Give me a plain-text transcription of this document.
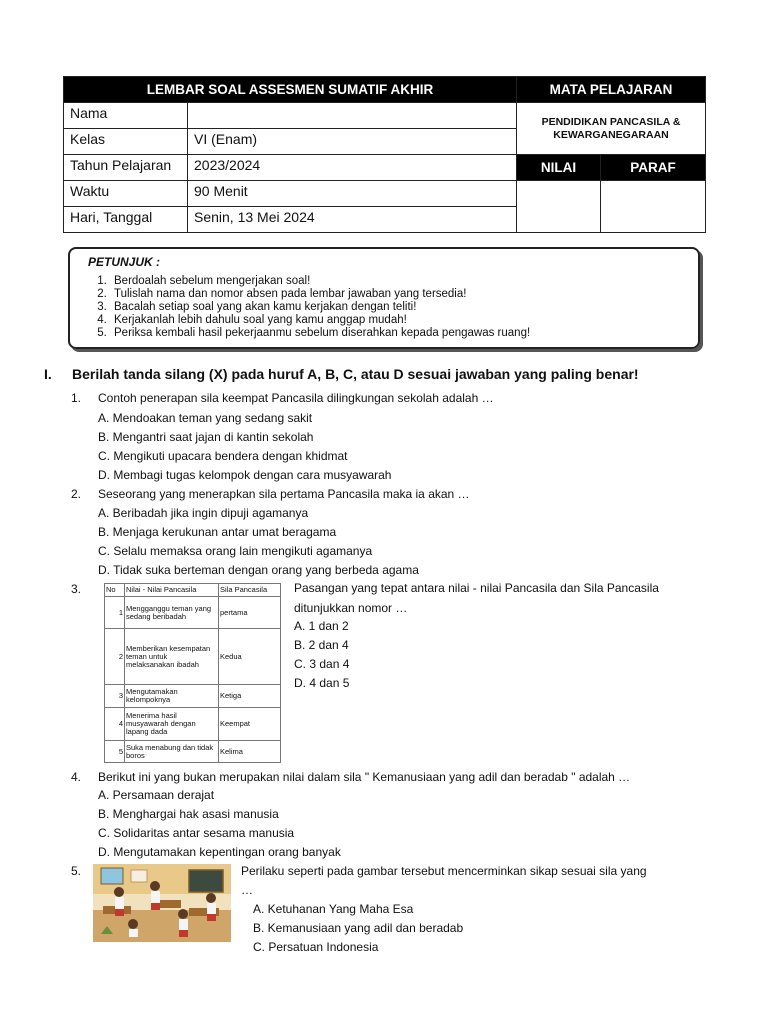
LEMBAR SOAL ASSESMEN SUMATIF AKHIR		MATA PELAJARAN	
Nama		PENDIDIKAN PANCASILA & KEWARGANEGARAAN	
Kelas	VI (Enam)		
Tahun Pelajaran	2023/2024	NILAI	PARAF
Waktu	90 Menit		
Hari, Tanggal	Senin, 13 Mei 2024		
PETUNJUK :
1. Berdoalah sebelum mengerjakan soal!
2. Tulislah nama dan nomor absen pada lembar jawaban yang tersedia!
3. Bacalah setiap soal yang akan kamu kerjakan dengan teliti!
4. Kerjakanlah lebih dahulu soal yang kamu anggap mudah!
5. Periksa kembali hasil pekerjaanmu sebelum diserahkan kepada pengawas ruang!
I. Berilah tanda silang (X) pada huruf A, B, C, atau D sesuai jawaban yang paling benar!
1. Contoh penerapan sila keempat Pancasila dilingkungan sekolah adalah …
A. Mendoakan teman yang sedang sakit
B. Mengantri saat jajan di kantin sekolah
C. Mengikuti upacara bendera dengan khidmat
D. Membagi tugas kelompok dengan cara musyawarah
2. Seseorang yang menerapkan sila pertama Pancasila maka ia akan …
A. Beribadah jika ingin dipuji agamanya
B. Menjaga kerukunan antar umat beragama
C. Selalu memaksa orang lain mengikuti agamanya
D. Tidak suka berteman dengan orang yang berbeda agama
3.	No	Nilai - Nilai Pancasila	Sila Pancasila
1	Mengganggu teman yang sedang beribadah	pertama
2	Memberikan kesempatan teman untuk melaksanakan ibadah	Kedua
3	Mengutamakan kelompoknya	Ketiga
4	Menerima hasil musyawarah dengan lapang dada	Keempat
5	Suka menabung dan tidak boros	Kelima
Pasangan yang tepat antara nilai - nilai Pancasila dan Sila Pancasila
ditunjukkan nomor …
A. 1 dan 2
B. 2 dan 4
C. 3 dan 4
D. 4 dan 5
4. Berikut ini yang bukan merupakan nilai dalam sila " Kemanusiaan yang adil dan beradab " adalah …
A. Persamaan derajat
B. Menghargai hak asasi manusia
C. Solidaritas antar sesama manusia
D. Mengutamakan kepentingan orang banyak
5.	Perilaku seperti pada gambar tersebut mencerminkan sikap sesuai sila yang
…
A. Ketuhanan Yang Maha Esa
B. Kemanusiaan yang adil dan beradab
C. Persatuan Indonesia
